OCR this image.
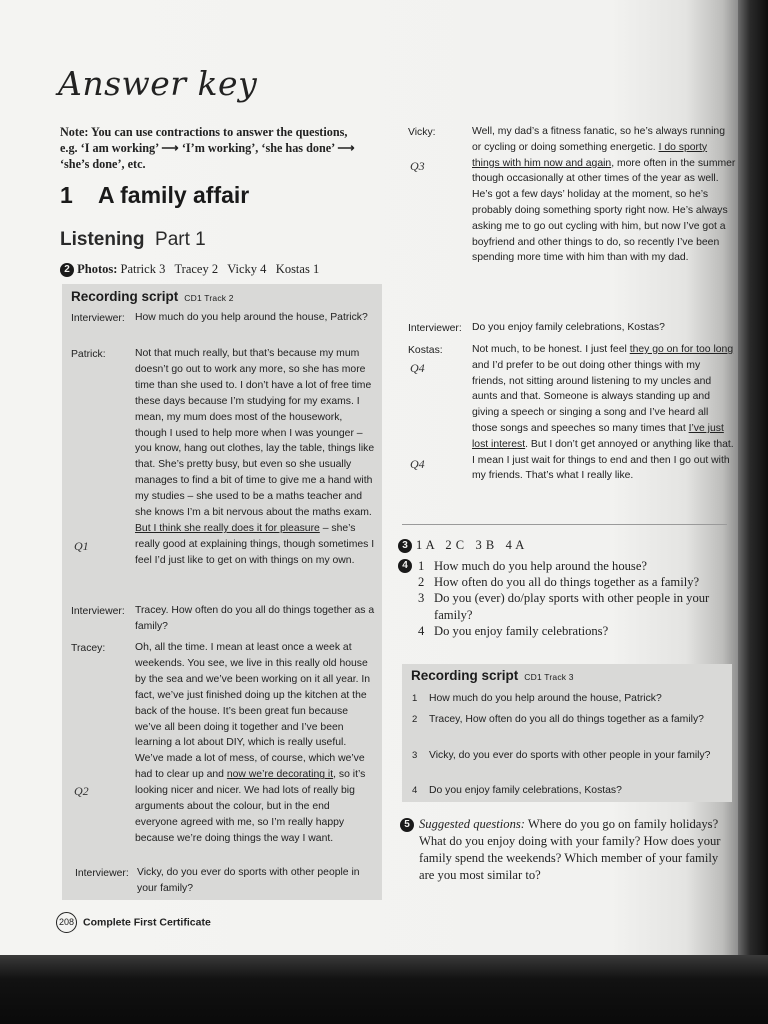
Answer key
Note: You can use contractions to answer the questions, e.g. ‘I am working’ ⟶ ‘I’m working’, ‘she has done’ ⟶ ‘she’s done’, etc.
1 A family affair
Listening Part 1
2 Photos: Patrick 3   Tracey 2   Vicky 4   Kostas 1
Recording script CD1 Track 2
Interviewer: How much do you help around the house, Patrick?
Patrick:	Not that much really, but that’s because my mum doesn’t go out to work any more, so she has more time than she used to. I don’t have a lot of free time these days because I’m studying for my exams. I mean, my mum does most of the housework, though I used to help more when I was younger – you know, hang out clothes, lay the table, things like that. She’s pretty busy, but even so she usually manages to find a bit of time to give me a hand with my studies – she used to be a maths teacher and she knows I’m a bit nervous about the maths exam. But I think she really does it for pleasure – she’s really good at explaining things, though sometimes I feel I’d just like to get on with things on my own.
Q1
Interviewer: Tracey. How often do you all do things together as a family?
Tracey:	Oh, all the time. I mean at least once a week at weekends. You see, we live in this really old house by the sea and we’ve been working on it all year. In fact, we’ve just finished doing up the kitchen at the back of the house. It’s been great fun because we’ve all been doing it together and I’ve been learning a lot about DIY, which is really useful. We’ve made a lot of mess, of course, which we’ve had to clear up and now we’re decorating it, so it’s looking nicer and nicer. We had lots of really big arguments about the colour, but in the end everyone agreed with me, so I’m really happy because we’re doing things the way I want.
Q2
Interviewer: Vicky, do you ever do sports with other people in your family?
Vicky:	Well, my dad’s a fitness fanatic, so he’s always running or cycling or doing something energetic. I do sporty things with him now and again, more often in the summer though occasionally at other times of the year as well. He’s got a few days’ holiday at the moment, so he’s probably doing something sporty right now. He’s always asking me to go out cycling with him, but now I’ve got a boyfriend and other things to do, so recently I’ve been spending more time with him than with my dad.
Q3
Interviewer: Do you enjoy family celebrations, Kostas?
Kostas:	Not much, to be honest. I just feel they go on for too long and I’d prefer to be out doing other things with my friends, not sitting around listening to my uncles and aunts and that. Someone is always standing up and giving a speech or singing a song and I’ve heard all those songs and speeches so many times that I’ve just lost interest. But I don’t get annoyed or anything like that. I mean I just wait for things to end and then I go out with my friends. That’s what I really like.
Q4
Q4
3 1 A   2 C   3 B   4 A
4 1 How much do you help around the house?
2 How often do you all do things together as a family?
3 Do you (ever) do/play sports with other people in your family?
4 Do you enjoy family celebrations?
Recording script CD1 Track 3
1 How much do you help around the house, Patrick?
2 Tracey, How often do you all do things together as a family?
3 Vicky, do you ever do sports with other people in your family?
4 Do you enjoy family celebrations, Kostas?
5 Suggested questions: Where do you go on family holidays? What do you enjoy doing with your family? How does your family spend the weekends? Which member of your family are you most similar to?
208 Complete First Certificate
